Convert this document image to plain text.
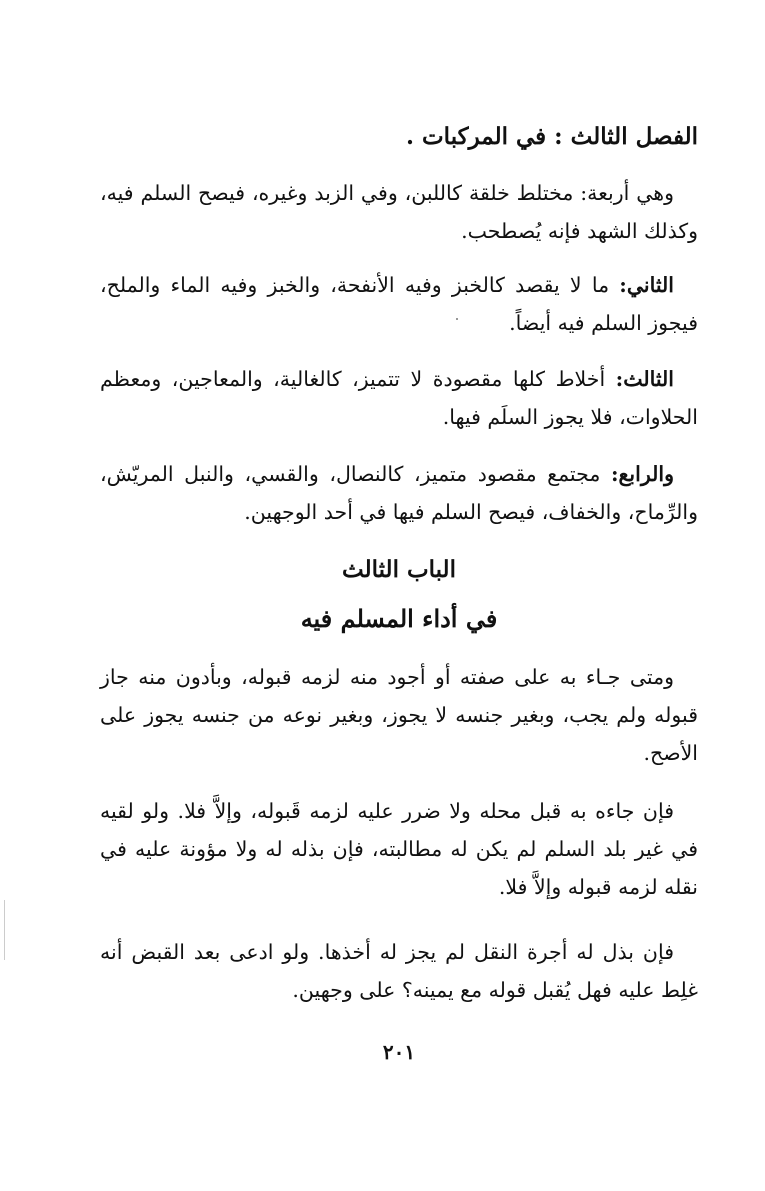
الفصل الثالث : في المركبات .
وهي أربعة: مختلط خلقة كاللبن، وفي الزبد وغيره، فيصح السلم فيه، وكذلك الشهد فإنه يُصطحب.
الثاني: ما لا يقصد كالخبز وفيه الأنفحة، والخبز وفيه الماء والملح، فيجوز السلم فيه أيضاً.
الثالث: أخلاط كلها مقصودة لا تتميز، كالغالية، والمعاجين، ومعظم الحلاوات، فلا يجوز السلَم فيها.
والرابع: مجتمع مقصود متميز، كالنصال، والقسي، والنبل المريّش، والرِّماح، والخفاف، فيصح السلم فيها في أحد الوجهين.
الباب الثالث
في أداء المسلم فيه
ومتى جـاء به على صفته أو أجود منه لزمه قبوله، وبأدون منه جاز قبوله ولم يجب، وبغير جنسه لا يجوز، وبغير نوعه من جنسه يجوز على الأصح.
فإن جاءه به قبل محله ولا ضرر عليه لزمه قَبوله، وإلاَّ فلا. ولو لقيه في غير بلد السلم لم يكن له مطالبته، فإن بذله له ولا مؤونة عليه في نقله لزمه قبوله وإلاَّ فلا.
فإن بذل له أجرة النقل لم يجز له أخذها. ولو ادعى بعد القبض أنه غلِط عليه فهل يُقبل قوله مع يمينه؟ على وجهين.
٢٠١
